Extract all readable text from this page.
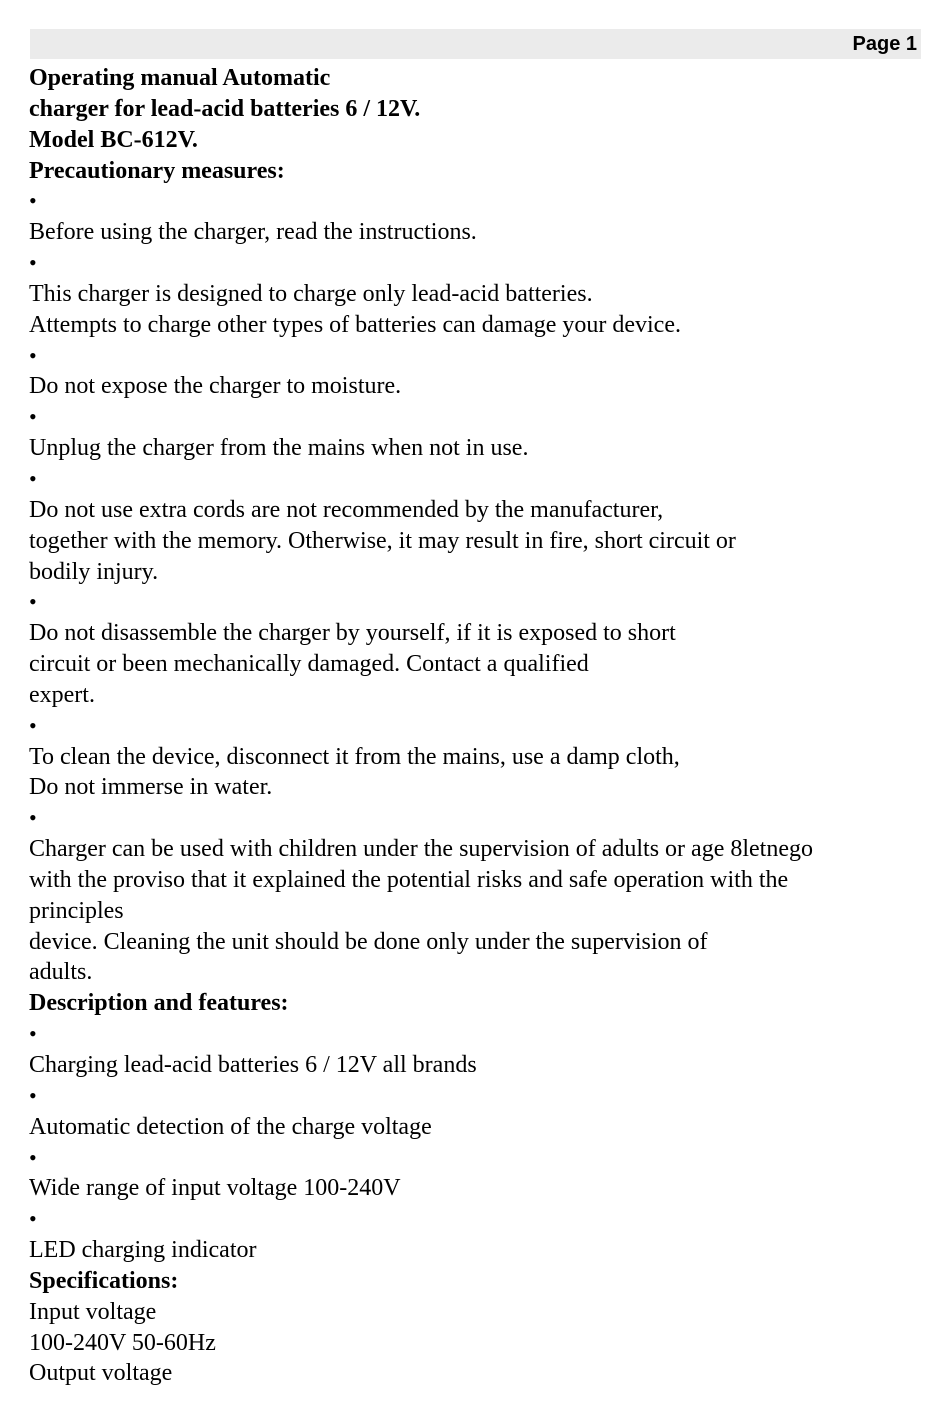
Page 1
Operating manual Automatic
charger for lead-acid batteries 6 / 12V.
Model BC-612V.
Precautionary measures:
•
Before using the charger, read the instructions.
•
This charger is designed to charge only lead-acid batteries.
Attempts to charge other types of batteries can damage your device.
•
Do not expose the charger to moisture.
•
Unplug the charger from the mains when not in use.
•
Do not use extra cords are not recommended by the manufacturer,
together with the memory. Otherwise, it may result in fire, short circuit or
bodily injury.
•
Do not disassemble the charger by yourself, if it is exposed to short
circuit or been mechanically damaged. Contact a qualified
expert.
•
To clean the device, disconnect it from the mains, use a damp cloth,
Do not immerse in water.
•
Charger can be used with children under the supervision of adults or age 8letnego
with the proviso that it explained the potential risks and safe operation with the
principles
device. Cleaning the unit should be done only under the supervision of
adults.
Description and features:
•
Charging lead-acid batteries 6 / 12V all brands
•
Automatic detection of the charge voltage
•
Wide range of input voltage 100-240V
•
LED charging indicator
Specifications:
Input voltage
100-240V 50-60Hz
Output voltage
